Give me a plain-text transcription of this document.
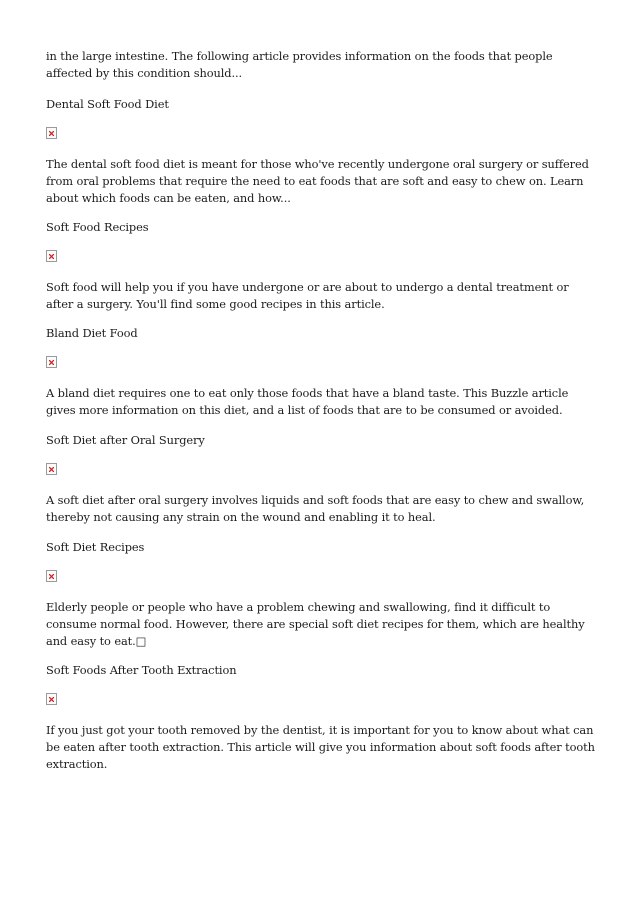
in the large intestine. The following article provides information on the foods that people affected by this condition should...

Dental Soft Food Diet

The dental soft food diet is meant for those who've recently undergone oral surgery or suffered from oral problems that require the need to eat foods that are soft and easy to chew on. Learn about which foods can be eaten, and how...

Soft Food Recipes

Soft food will help you if you have undergone or are about to undergo a dental treatment or after a surgery. You'll find some good recipes in this article.

Bland Diet Food

A bland diet requires one to eat only those foods that have a bland taste. This Buzzle article gives more information on this diet, and a list of foods that are to be consumed or avoided.

Soft Diet after Oral Surgery

A soft diet after oral surgery involves liquids and soft foods that are easy to chew and swallow, thereby not causing any strain on the wound and enabling it to heal.

Soft Diet Recipes

Elderly people or people who have a problem chewing and swallowing, find it difficult to consume normal food. However, there are special soft diet recipes for them, which are healthy and easy to eat.□

Soft Foods After Tooth Extraction

If you just got your tooth removed by the dentist, it is important for you to know about what can be eaten after tooth extraction. This article will give you information about soft foods after tooth extraction.
